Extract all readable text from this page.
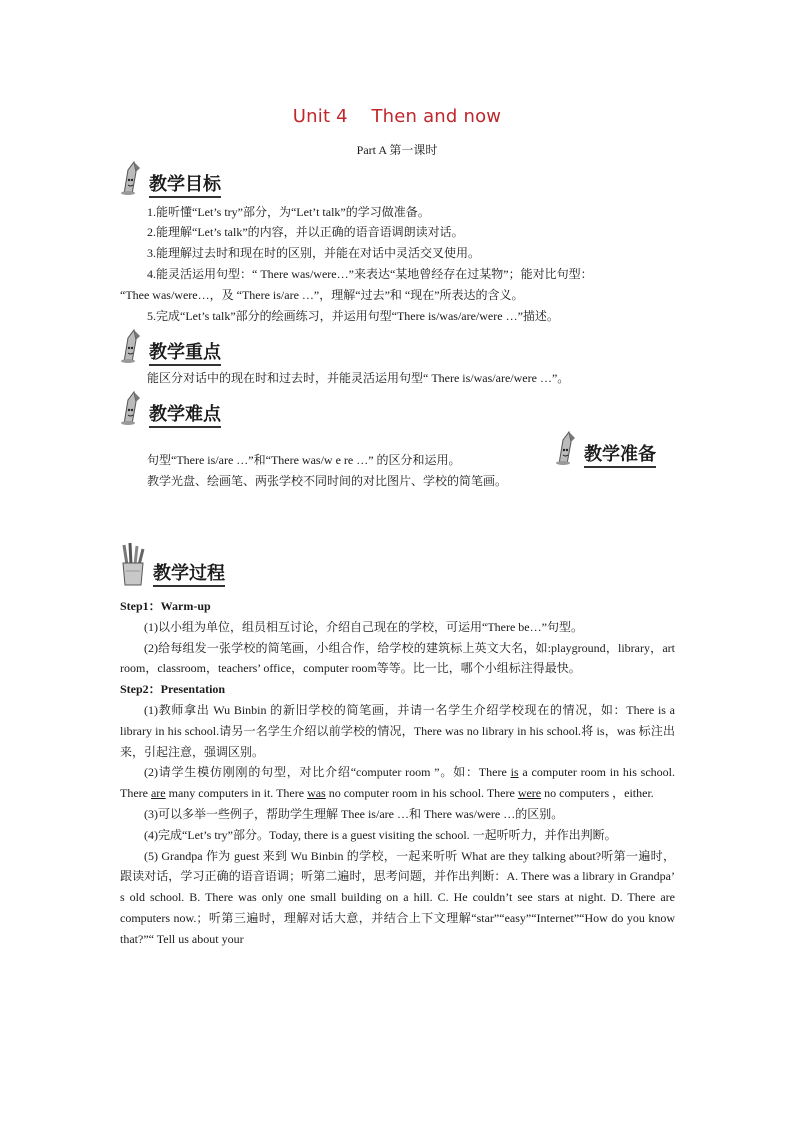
Unit 4    Then and now
Part A 第一课时
教学目标
1.能听懂“Let’s try”部分，为“Let’t talk”的学习做准备。
2.能理解“Let’s talk”的内容，并以正确的语音语调朗读对话。
3.能理解过去时和现在时的区别，并能在对话中灵活交叉使用。
4.能灵活运用句型：“ There was/were…”来表达“某地曾经存在过某物”；能对比句型：
“Thee was/were…，及 “There is/are …”，理解“过去”和 “现在”所表达的含义。
5.完成“Let’s talk”部分的绘画练习，并运用句型“There is/was/are/were …”描述。
教学重点
能区分对话中的现在时和过去时，并能灵活运用句型“ There is/was/are/were …”。
教学难点
句型“There is/are …”和“There was/w e re …” 的区分和运用。	教学准备
教学光盘、绘画笔、两张学校不同时间的对比图片、学校的简笔画。
教学过程

Step1：Warm-up

(1)以小组为单位，组员相互讨论，介绍自己现在的学校，可运用“There be…”句型。

(2)给每组发一张学校的简笔画，小组合作，给学校的建筑标上英文大名，如:playground，library，art room，classroom，teachers’ office，computer room等等。比一比，哪个小组标注得最快。

Step2：Presentation

(1)教师拿出 Wu Binbin 的新旧学校的简笔画，并请一名学生介绍学校现在的情况，如：There is a library in his school.请另一名学生介绍以前学校的情况，There was no library in his school.将 is，was 标注出来，引起注意，强调区别。

(2)请学生模仿刚刚的句型，对比介绍“computer room ”。如：There is a computer room in his school. There are many computers in it. There was no computer room in his school. There were no computers ，either.

(3)可以多举一些例子，帮助学生理解 Thee is/are …和 There was/were …的区别。

(4)完成“Let’s try”部分。Today, there is a guest visiting the school. 一起听听力，并作出判断。

(5) Grandpa 作为 guest 来到 Wu Binbin 的学校，一起来听听 What are they talking about?听第一遍时，跟读对话，学习正确的语音语调；听第二遍时，思考问题，并作出判断：A. There was a library in Grandpa’ s old school. B. There was only one small building on a hill. C. He couldn’t see stars at night. D. There are computers now.；听第三遍时，理解对话大意，并结合上下文理解“star”“easy”“Internet”“How do you know that?”“ Tell us about your
